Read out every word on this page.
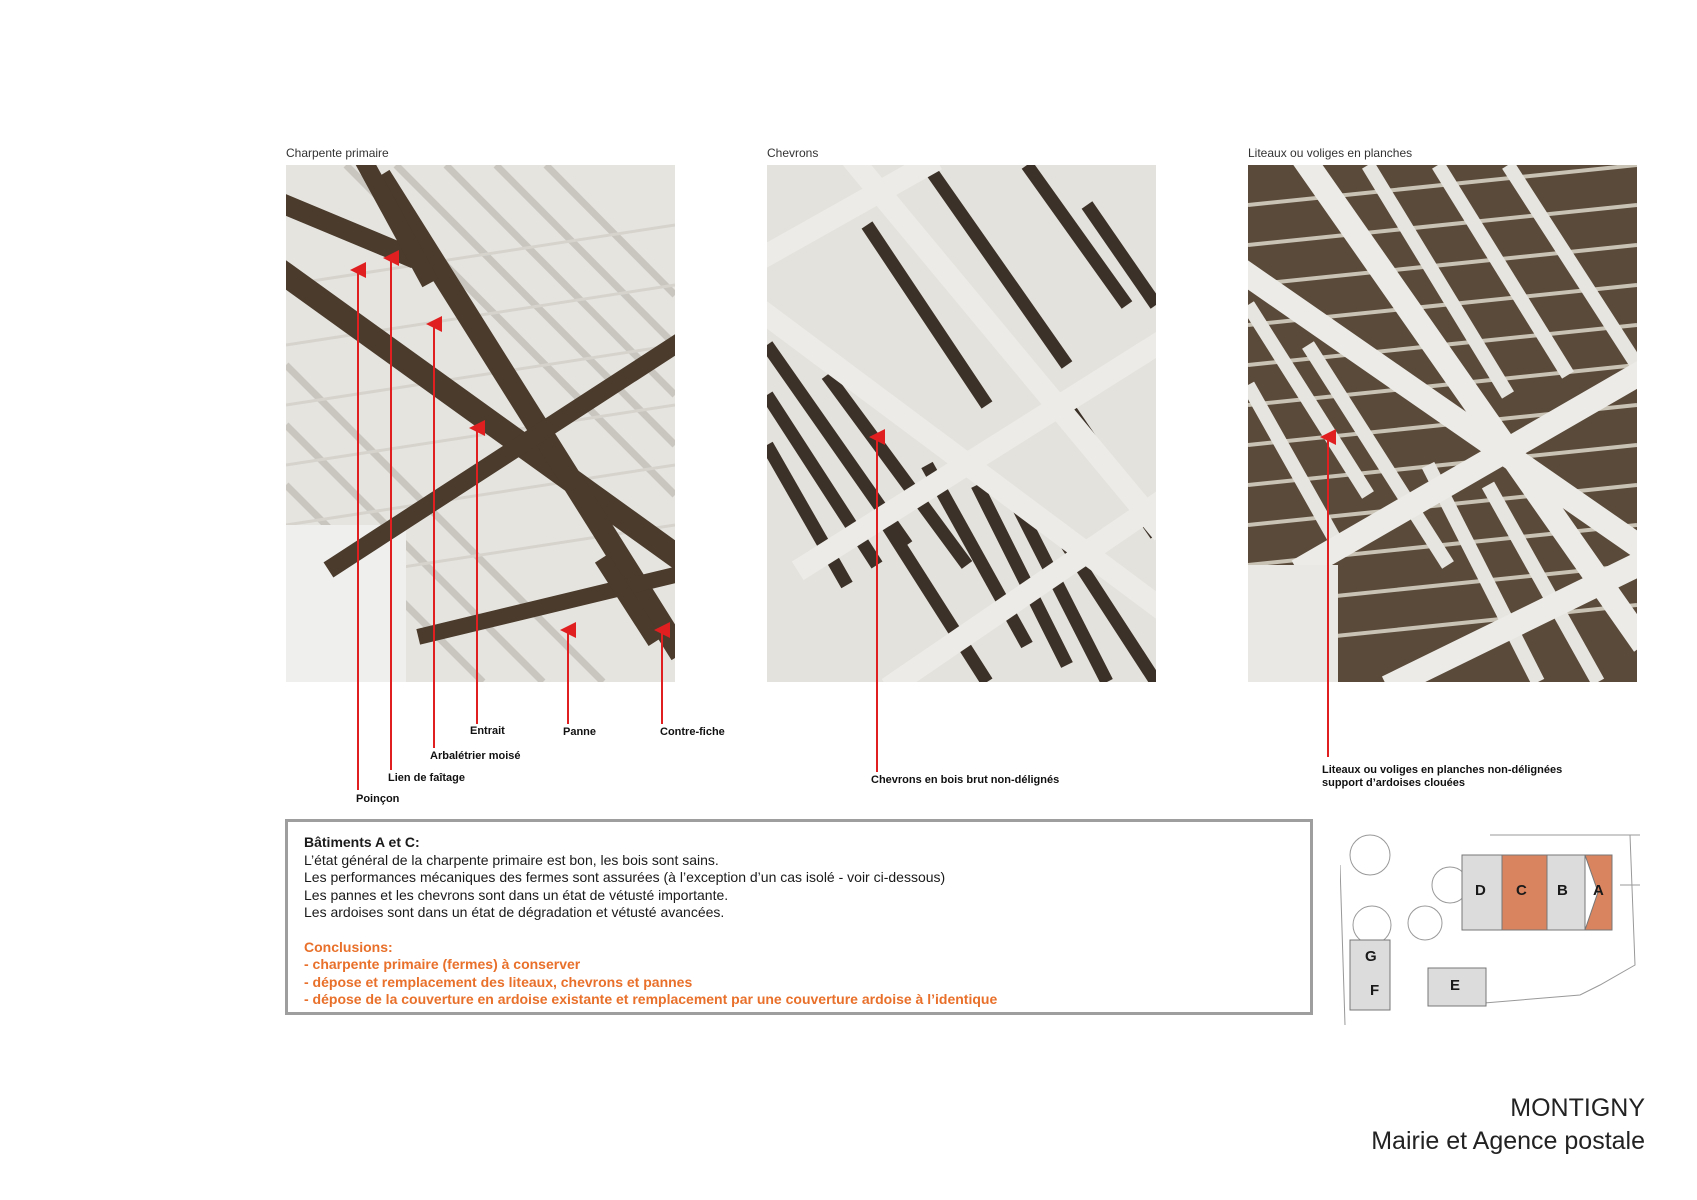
Charpente primaire	Chevrons	Liteaux ou voliges en planches
Poinçon
Lien de faîtage
Arbalétrier moisé
Entrait	Panne	Contre-fiche
Chevrons en bois brut non-délignés
Liteaux ou voliges en planches non-délignées
support d’ardoises clouées
Bâtiments A et C:
L’état général de la charpente primaire est bon, les bois sont sains.
Les performances mécaniques des fermes sont assurées (à l’exception d’un cas isolé - voir ci-dessous)
Les pannes et les chevrons sont dans un état de vétusté importante.
Les ardoises sont dans un état de dégradation et vétusté avancées.
Conclusions:
- charpente primaire (fermes) à conserver
- dépose et remplacement des liteaux, chevrons et pannes
- dépose de la couverture en ardoise existante et remplacement par une couverture ardoise à l’identique
D C B A
G
F	E
MONTIGNY
Mairie et Agence postale
